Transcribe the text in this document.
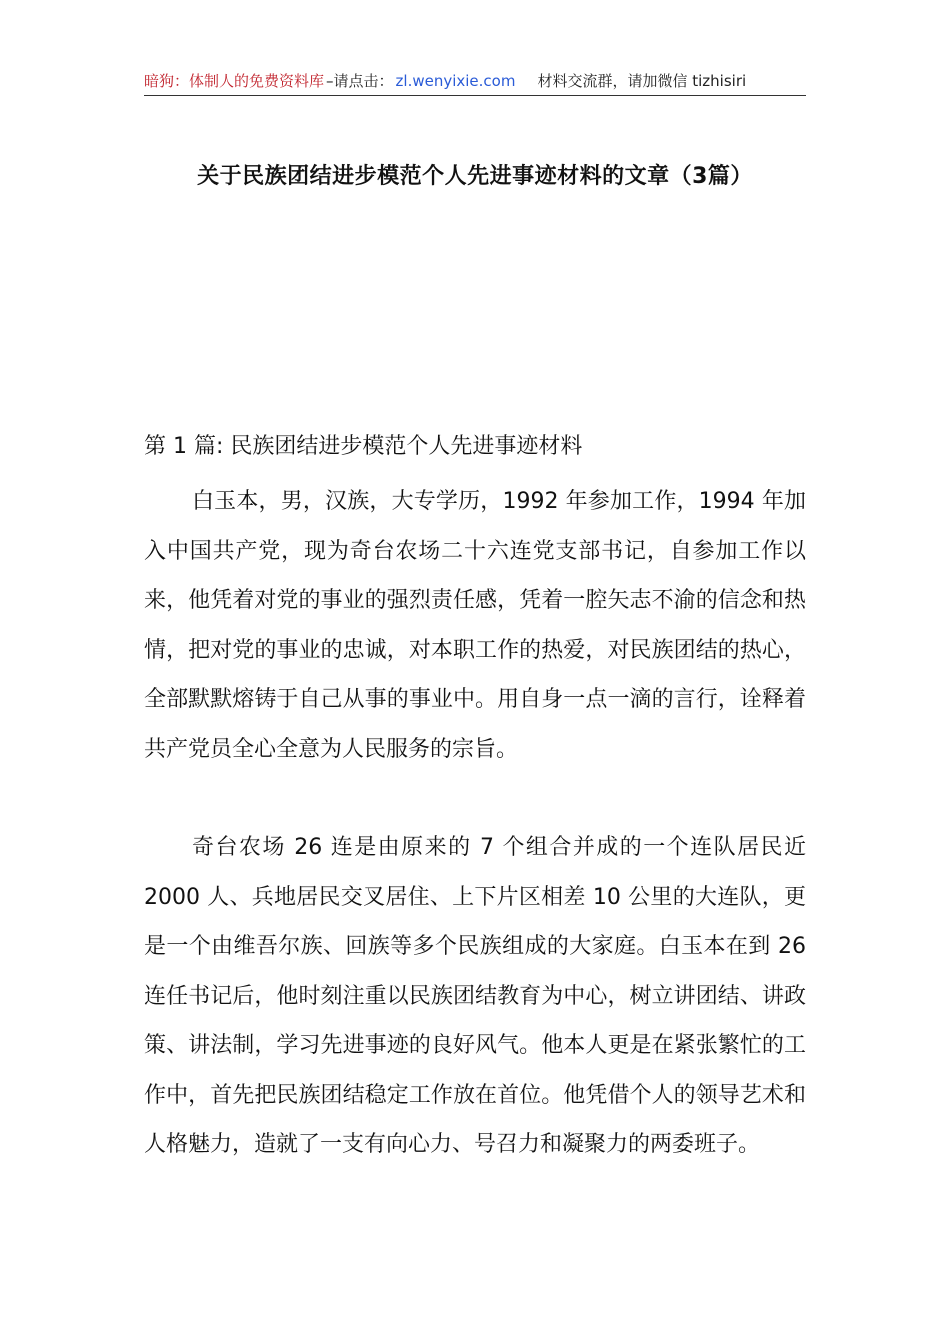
暗狗：体制人的免费资料库 –请点击： zl.wenyixie.com 材料交流群，请加微信 tizhisiri
关于民族团结进步模范个人先进事迹材料的文章（3篇）
第 1 篇: 民族团结进步模范个人先进事迹材料

白玉本，男，汉族，大专学历，1992 年参加工作，1994 年加入中国共产党，现为奇台农场二十六连党支部书记，自参加工作以来，他凭着对党的事业的强烈责任感，凭着一腔矢志不渝的信念和热情，把对党的事业的忠诚，对本职工作的热爱，对民族团结的热心，全部默默熔铸于自己从事的事业中。用自身一点一滴的言行，诠释着共产党员全心全意为人民服务的宗旨。

奇台农场 26 连是由原来的 7 个组合并成的一个连队居民近 2000 人、兵地居民交叉居住、上下片区相差 10 公里的大连队，更是一个由维吾尔族、回族等多个民族组成的大家庭。白玉本在到 26 连任书记后，他时刻注重以民族团结教育为中心，树立讲团结、讲政策、讲法制，学习先进事迹的良好风气。他本人更是在紧张繁忙的工作中，首先把民族团结稳定工作放在首位。他凭借个人的领导艺术和人格魅力，造就了一支有向心力、号召力和凝聚力的两委班子。
